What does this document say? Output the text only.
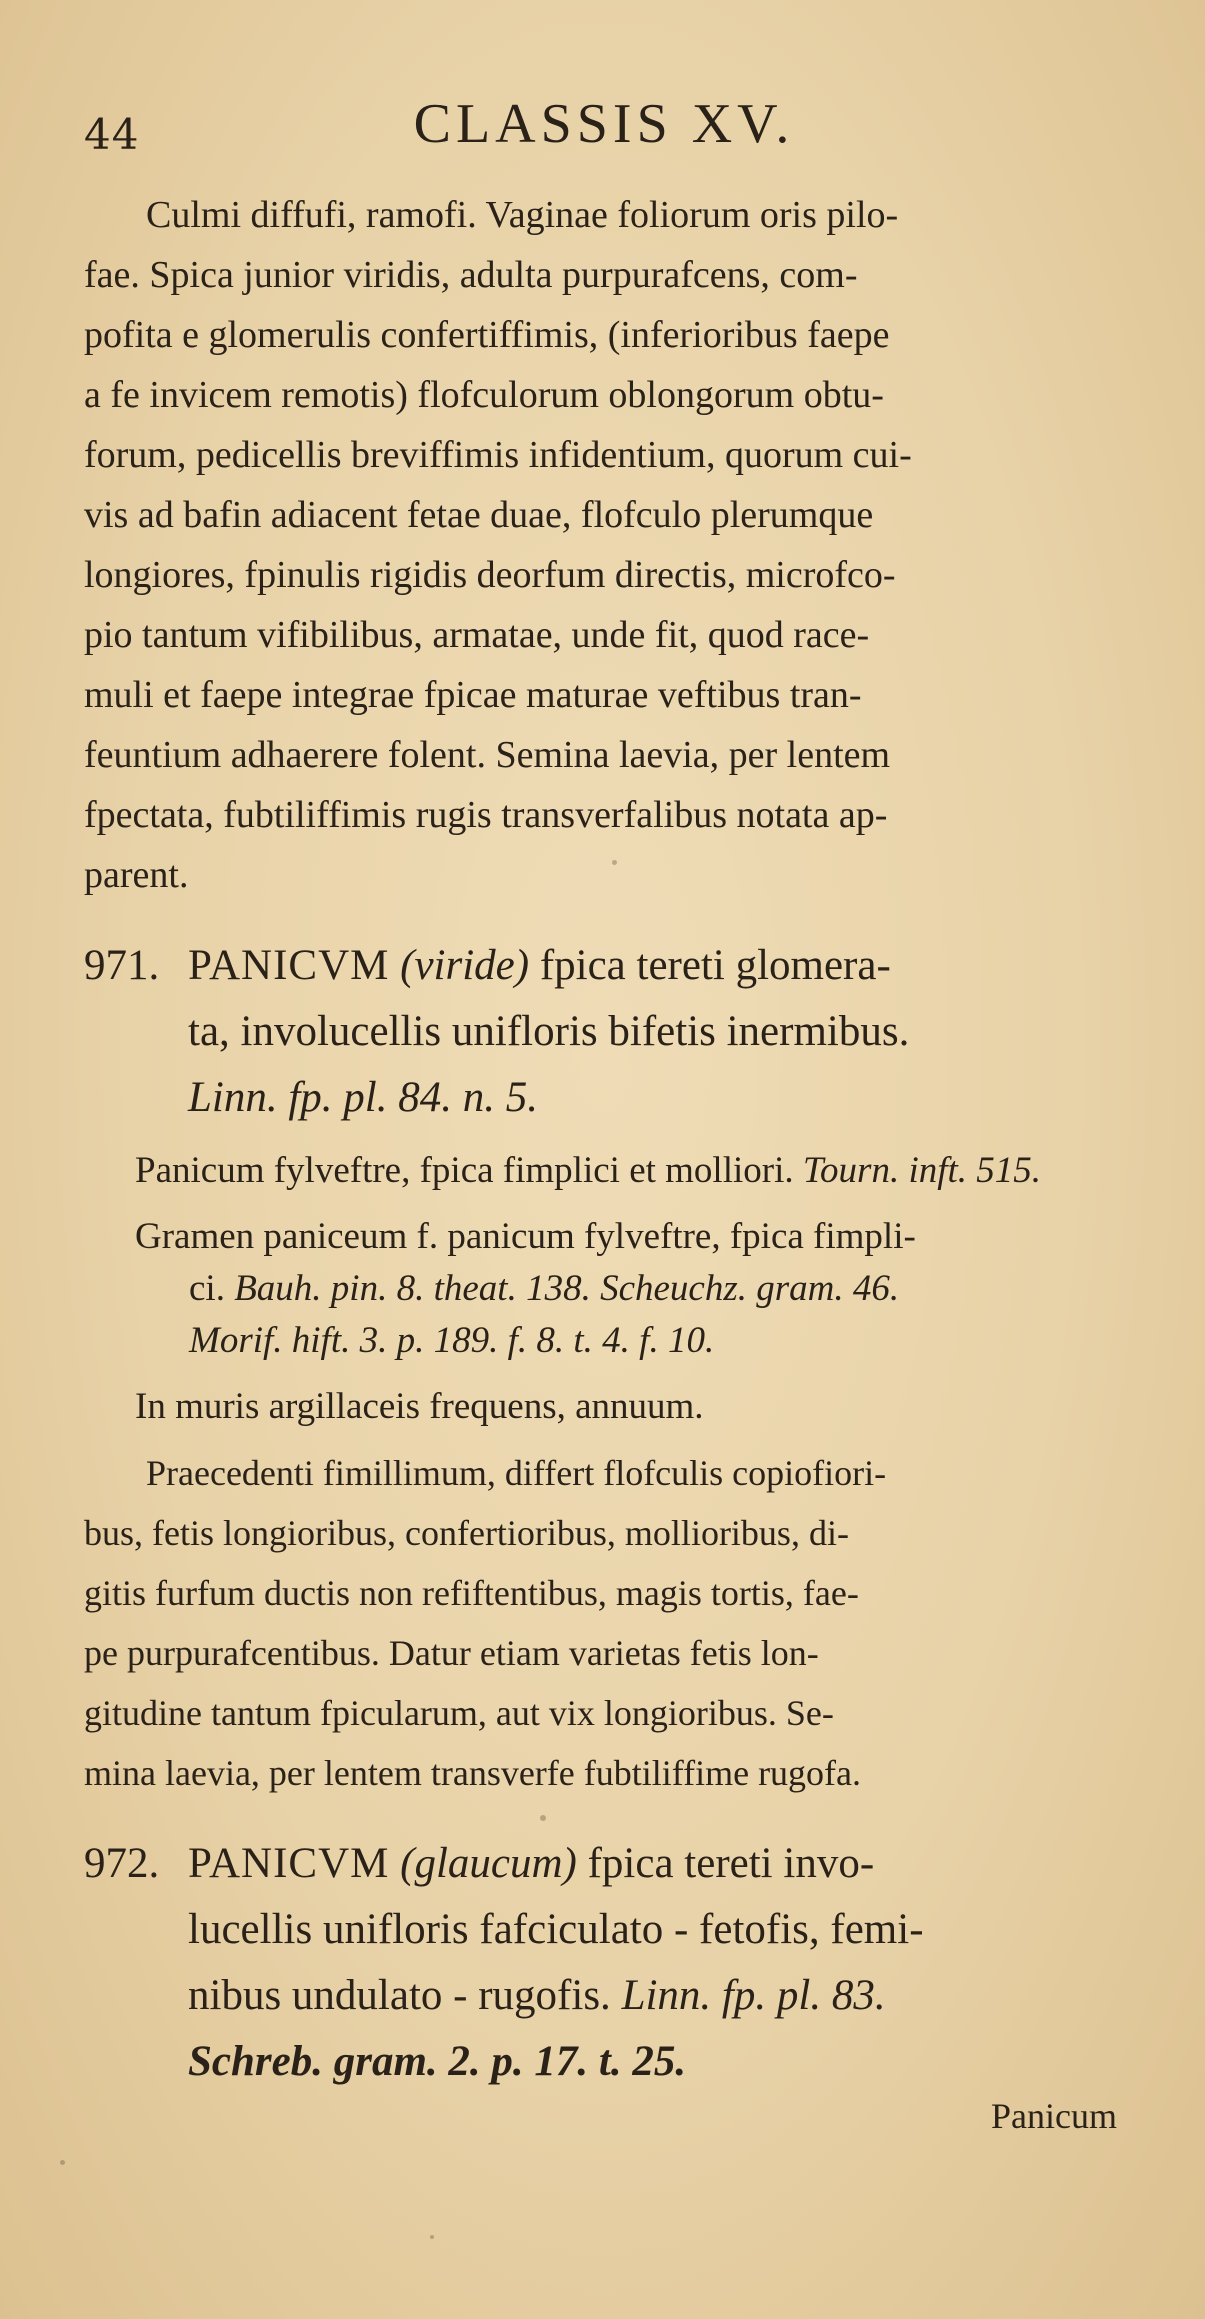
44	CLASSIS XV.
Culmi diffufi, ramofi. Vaginae foliorum oris pilo-
fae. Spica junior viridis, adulta purpurafcens, com-
pofita e glomerulis confertiffimis, (inferioribus faepe
a fe invicem remotis) flofculorum oblongorum obtu-
forum, pedicellis breviffimis infidentium, quorum cui-
vis ad bafin adiacent fetae duae, flofculo plerumque
longiores, fpinulis rigidis deorfum directis, microfco-
pio tantum vifibilibus, armatae, unde fit, quod race-
muli et faepe integrae fpicae maturae veftibus tran-
feuntium adhaerere folent. Semina laevia, per lentem
fpectata, fubtiliffimis rugis transverfalibus notata ap-
parent.
971. PANICVM (viride) fpica tereti glomera-
ta, involucellis unifloris bifetis inermibus.
Linn. fp. pl. 84. n. 5.
Panicum fylveftre, fpica fimplici et molliori. Tourn. inft. 515.
Gramen paniceum f. panicum fylveftre, fpica fimpli-
ci. Bauh. pin. 8. theat. 138. Scheuchz. gram. 46.
Morif. hift. 3. p. 189. f. 8. t. 4. f. 10.
In muris argillaceis frequens, annuum.
Praecedenti fimillimum, differt flofculis copiofiori-
bus, fetis longioribus, confertioribus, mollioribus, di-
gitis furfum ductis non refiftentibus, magis tortis, fae-
pe purpurafcentibus. Datur etiam varietas fetis lon-
gitudine tantum fpicularum, aut vix longioribus. Se-
mina laevia, per lentem transverfe fubtiliffime rugofa.
972. PANICVM (glaucum) fpica tereti invo-
lucellis unifloris fafciculato - fetofis, femi-
nibus undulato - rugofis. Linn. fp. pl. 83.
Schreb. gram. 2. p. 17. t. 25.
Panicum
